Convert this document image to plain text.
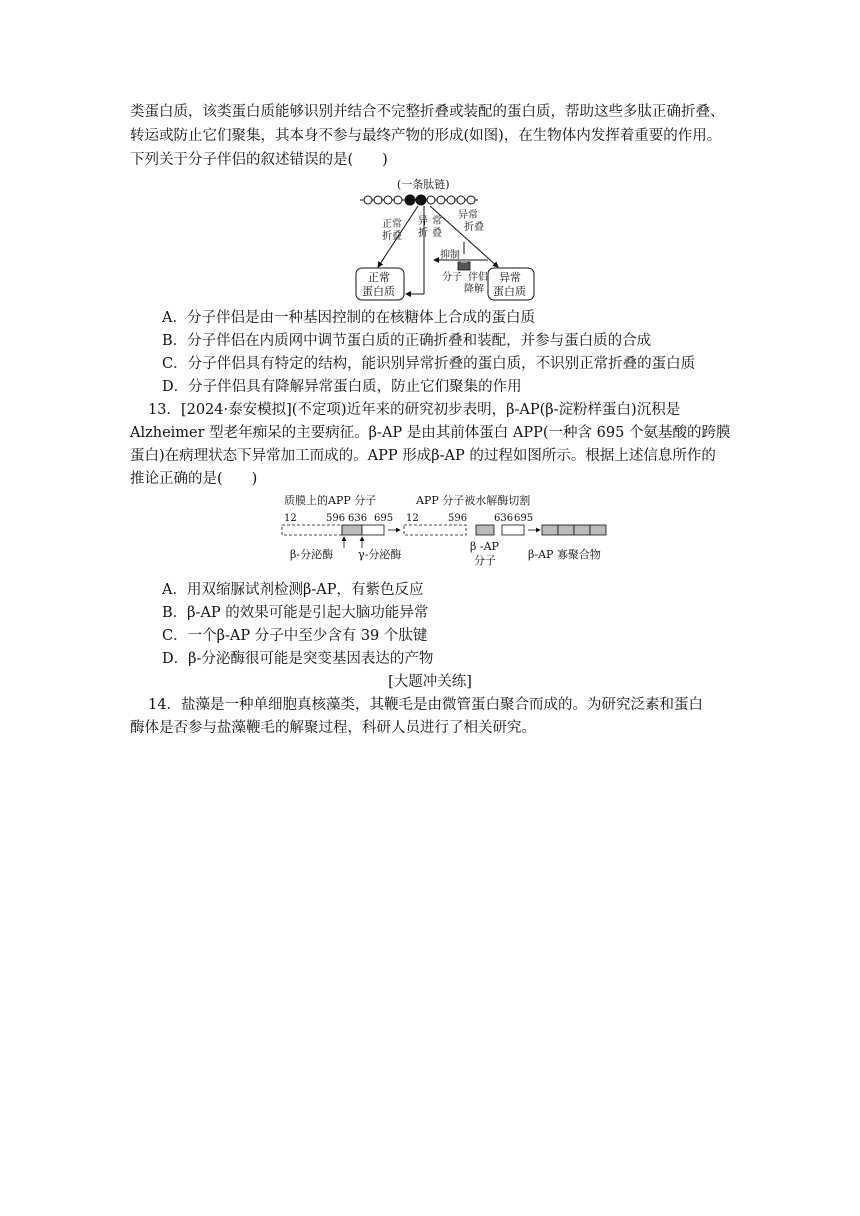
类蛋白质，该类蛋白质能够识别并结合不完整折叠或装配的蛋白质，帮助这些多肽正确折叠、
转运或防止它们聚集，其本身不参与最终产物的形成(如图)，在生物体内发挥着重要的作用。
下列关于分子伴侣的叙述错误的是(　　)
(一条肽链)
正常
折叠
异
折
常
叠
异常
折叠
抑制
分子 伴侣
降解
正常
蛋白质
异常
蛋白质
A．分子伴侣是由一种基因控制的在核糖体上合成的蛋白质
B．分子伴侣在内质网中调节蛋白质的正确折叠和装配，并参与蛋白质的合成
C．分子伴侣具有特定的结构，能识别异常折叠的蛋白质，不识别正常折叠的蛋白质
D．分子伴侣具有降解异常蛋白质，防止它们聚集的作用
13．[2024·泰安模拟](不定项)近年来的研究初步表明，β-AP(β-淀粉样蛋白)沉积是
Alzheimer 型老年痴呆的主要病征。β-AP 是由其前体蛋白 APP(一种含 695 个氨基酸的跨膜
蛋白)在病理状态下异常加工而成的。APP 形成β-AP 的过程如图所示。根据上述信息所作的
推论正确的是(　　)
质膜上的APP 分子	APP 分子被水解酶切割
12	596 636 695
β-分泌酶 γ-分泌酶
12	596	636 695
β -AP
分子	β-AP 寡聚合物
A．用双缩脲试剂检测β-AP，有紫色反应
B．β-AP 的效果可能是引起大脑功能异常
C．一个β-AP 分子中至少含有 39 个肽键
D．β-分泌酶很可能是突变基因表达的产物
[大题冲关练]
14．盐藻是一种单细胞真核藻类，其鞭毛是由微管蛋白聚合而成的。为研究泛素和蛋白
酶体是否参与盐藻鞭毛的解聚过程，科研人员进行了相关研究。
